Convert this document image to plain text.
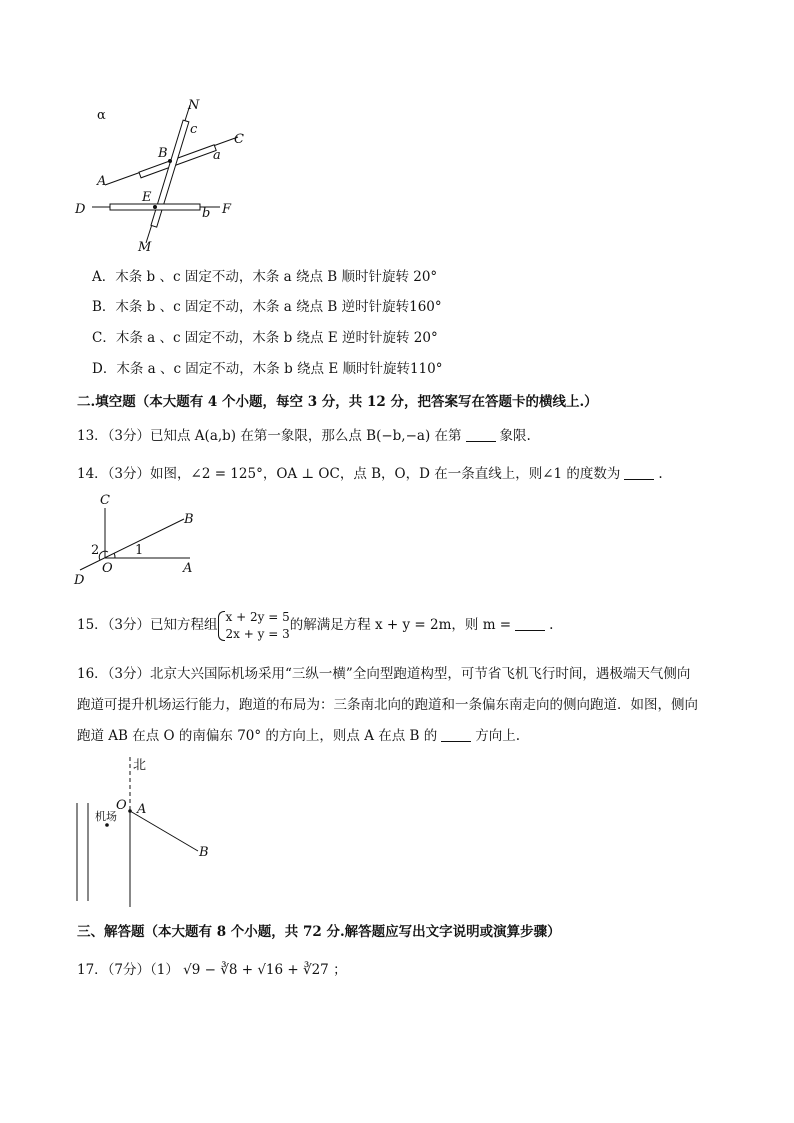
α
N
c
C
B	a
A
E
D	b F
M
A．木条 b 、c 固定不动，木条 a 绕点 B 顺时针旋转 20°
B．木条 b 、c 固定不动，木条 a 绕点 B 逆时针旋转160°
C．木条 a 、c 固定不动，木条 b 绕点 E 逆时针旋转 20°
D．木条 a 、c 固定不动，木条 b 绕点 E 顺时针旋转110°
二.填空题（本大题有 4 个小题，每空 3 分，共 12 分，把答案写在答题卡的横线上.）
13．（3分）已知点 A(a,b) 在第一象限，那么点 B(−b,−a) 在第	象限.
14．（3分）如图，∠2 = 125°，OA ⊥ OC，点 B，O，D 在一条直线上，则∠1 的度数为	.
C
B
2	1
O	A
D
15．（3分）已知方程组
x + 2y = 5
2x + y = 3
的解满足方程 x + y = 2m，则 m =	.
16．（3分）北京大兴国际机场采用“三纵一横”全向型跑道构型，可节省飞机飞行时间，遇极端天气侧向
跑道可提升机场运行能力，跑道的布局为：三条南北向的跑道和一条偏东南走向的侧向跑道．如图，侧向
跑道 AB 在点 O 的南偏东 70° 的方向上，则点 A 在点 B 的	方向上.
北
O A
机场
B
三、解答题（本大题有 8 个小题，共 72 分.解答题应写出文字说明或演算步骤）
17．（7分）（1） √9 − ∛8 + √16 + ∛27 ；
